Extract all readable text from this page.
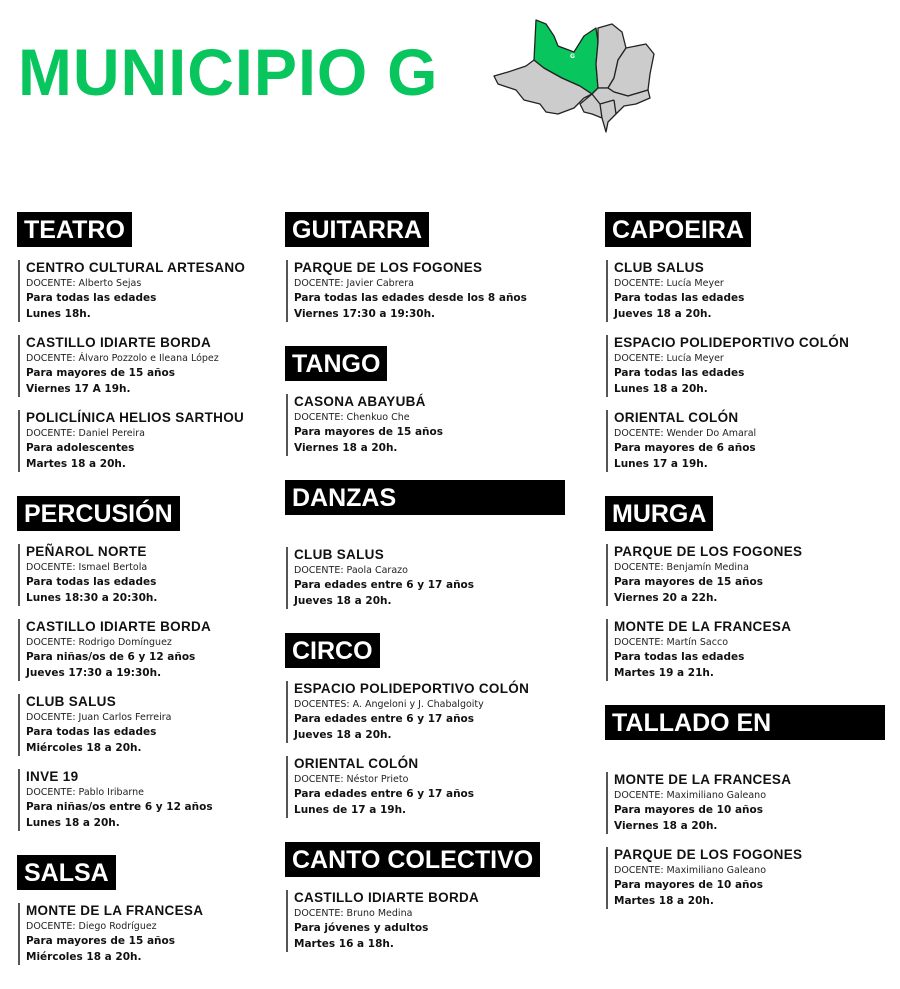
MUNICIPIO G	G
TEATRO
CENTRO CULTURAL ARTESANO
DOCENTE: Alberto Sejas
Para todas las edades
Lunes 18h.
CASTILLO IDIARTE BORDA
DOCENTE: Álvaro Pozzolo e Ileana López
Para mayores de 15 años
Viernes 17 A 19h.
POLICLÍNICA HELIOS SARTHOU
DOCENTE: Daniel Pereira
Para adolescentes
Martes 18 a 20h.
PERCUSIÓN
PEÑAROL NORTE
DOCENTE: Ismael Bertola
Para todas las edades
Lunes 18:30 a 20:30h.
CASTILLO IDIARTE BORDA
DOCENTE: Rodrigo Domínguez
Para niñas/os de 6 y 12 años
Jueves 17:30 a 19:30h.
CLUB SALUS
DOCENTE: Juan Carlos Ferreira
Para todas las edades
Miércoles 18 a 20h.
INVE 19
DOCENTE: Pablo Iribarne
Para niñas/os entre 6 y 12 años
Lunes 18 a 20h.
SALSA
MONTE DE LA FRANCESA
DOCENTE: Diego Rodríguez
Para mayores de 15 años
Miércoles 18 a 20h.
GUITARRA
PARQUE DE LOS FOGONES
DOCENTE: Javier Cabrera
Para todas las edades desde los 8 años
Viernes 17:30 a 19:30h.
TANGO
CASONA ABAYUBÁ
DOCENTE: Chenkuo Che
Para mayores de 15 años
Viernes 18 a 20h.
DANZAS POPULARES
CLUB SALUS
DOCENTE: Paola Carazo
Para edades entre 6 y 17 años
Jueves 18 a 20h.
CIRCO
ESPACIO POLIDEPORTIVO COLÓN
DOCENTES: A. Angeloni y J. Chabalgoity
Para edades entre 6 y 17 años
Jueves 18 a 20h.
ORIENTAL COLÓN
DOCENTE: Néstor Prieto
Para edades entre 6 y 17 años
Lunes de 17 a 19h.
CANTO COLECTIVO
CASTILLO IDIARTE BORDA
DOCENTE: Bruno Medina
Para jóvenes y adultos
Martes 16 a 18h.
CAPOEIRA
CLUB SALUS
DOCENTE: Lucía Meyer
Para todas las edades
Jueves 18 a 20h.
ESPACIO POLIDEPORTIVO COLÓN
DOCENTE: Lucía Meyer
Para todas las edades
Lunes 18 a 20h.
ORIENTAL COLÓN
DOCENTE: Wender Do Amaral
Para mayores de 6 años
Lunes 17 a 19h.
MURGA
PARQUE DE LOS FOGONES
DOCENTE: Benjamín Medina
Para mayores de 15 años
Viernes 20 a 22h.
MONTE DE LA FRANCESA
DOCENTE: Martín Sacco
Para todas las edades
Martes 19 a 21h.
TALLADO EN MADERA
MONTE DE LA FRANCESA
DOCENTE: Maximiliano Galeano
Para mayores de 10 años
Viernes 18 a 20h.
PARQUE DE LOS FOGONES
DOCENTE: Maximiliano Galeano
Para mayores de 10 años
Martes 18 a 20h.
